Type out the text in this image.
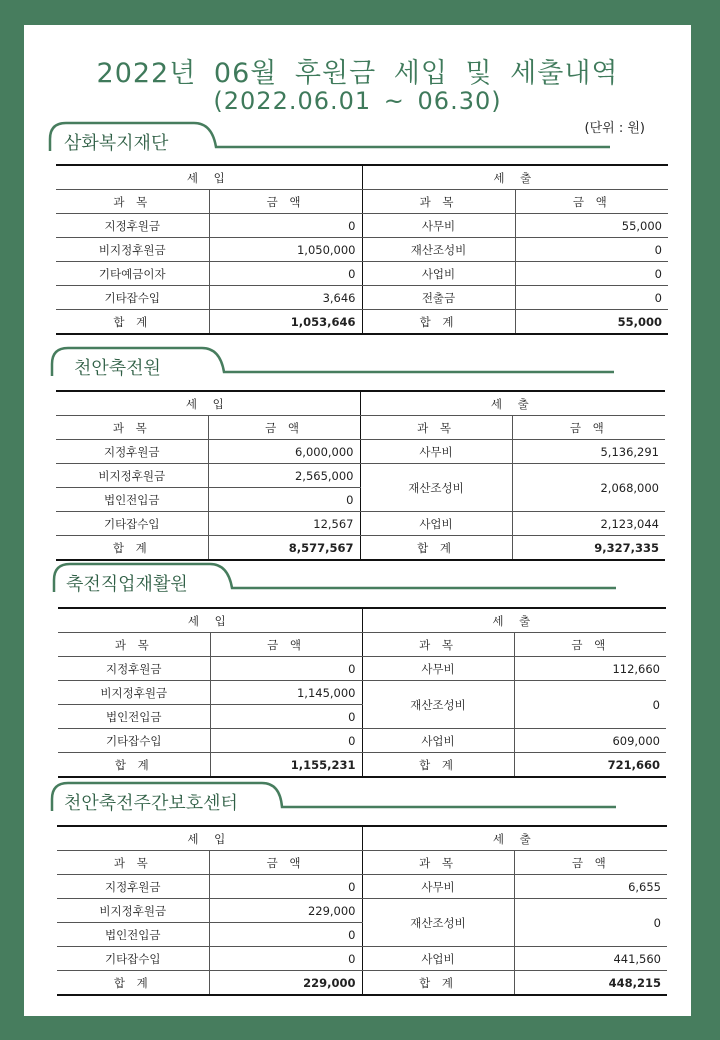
2022년 06월 후원금 세입 및 세출내역
(2022.06.01 ~ 06.30)
(단위 : 원)
삼화복지재단
세 입		세 출	
과 목	금 액	과 목	금 액
지정후원금	0	사무비	55,000
비지정후원금	1,050,000	재산조성비	0
기타예금이자	0	사업비	0
기타잡수입	3,646	전출금	0
합 계	1,053,646	합 계	55,000
천안축전원
세 입		세 출	
과 목	금 액	과 목	금 액
지정후원금	6,000,000	사무비	5,136,291
비지정후원금	2,565,000	재산조성비	2,068,000
법인전입금	0		
기타잡수입	12,567	사업비	2,123,044
합 계	8,577,567	합 계	9,327,335
축전직업재활원
세 입		세 출	
과 목	금 액	과 목	금 액
지정후원금	0	사무비	112,660
비지정후원금	1,145,000	재산조성비	0
법인전입금	0		
기타잡수입	0	사업비	609,000
합 계	1,155,231	합 계	721,660
천안축전주간보호센터
세 입		세 출	
과 목	금 액	과 목	금 액
지정후원금	0	사무비	6,655
비지정후원금	229,000	재산조성비	0
법인전입금	0		
기타잡수입	0	사업비	441,560
합 계	229,000	합 계	448,215
